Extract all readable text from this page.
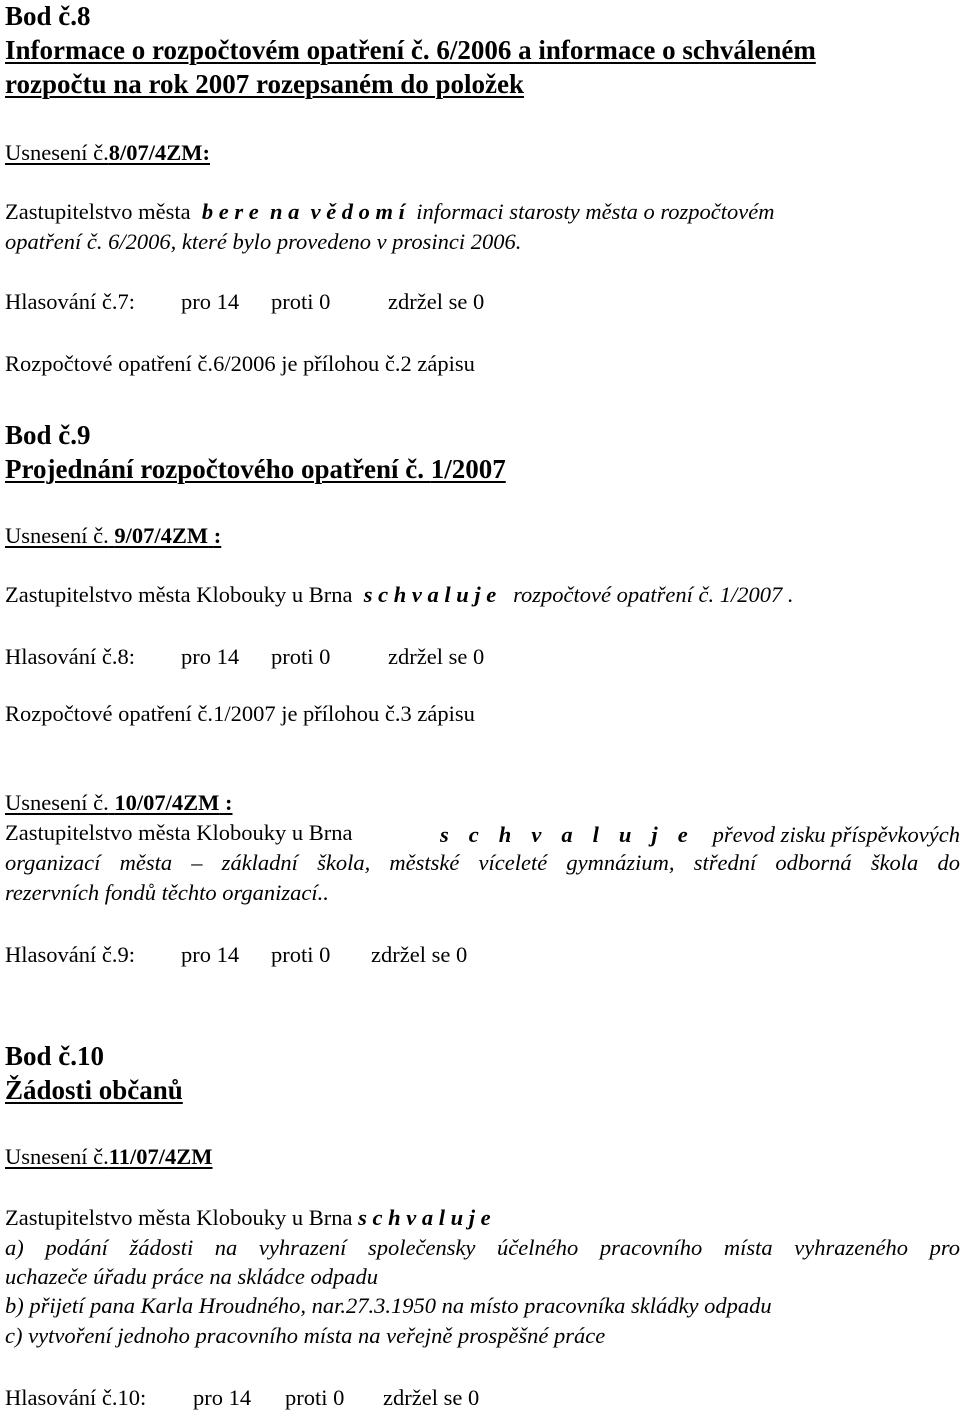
Bod č.8
Informace o rozpočtovém opatření č. 6/2006 a informace o schváleném
rozpočtu na rok 2007 rozepsaném do položek
Usnesení č.8/07/4ZM:
Zastupitelstvo města b e r e  n a  v ě d o m í informaci starosty města o rozpočtovém
opatření č. 6/2006, které bylo provedeno v prosinci 2006.
Hlasování č.7: pro 14 proti 0	zdržel se 0
Rozpočtové opatření č.6/2006 je přílohou č.2 zápisu
Bod č.9
Projednání rozpočtového opatření č. 1/2007
Usnesení č. 9/07/4ZM :
Zastupitelstvo města Klobouky u Brna s c h v a l u j e rozpočtové opatření č. 1/2007 .
Hlasování č.8: pro 14 proti 0	zdržel se 0
Rozpočtové opatření č.1/2007 je přílohou č.3 zápisu
Usnesení č. 10/07/4ZM :
Zastupitelstvo města Klobouky u Brna	s c h v a l u j e převod zisku příspěvkových
organizací města – základní škola, městské víceleté gymnázium, střední odborná škola do
rezervních fondů těchto organizací..
Hlasování č.9: pro 14 proti 0 zdržel se 0
Bod č.10
Žádosti občanů
Usnesení č.11/07/4ZM
Zastupitelstvo města Klobouky u Brna s c h v a l u j e
a) podání žádosti na vyhrazení společensky účelného pracovního místa vyhrazeného pro
uchazeče úřadu práce na skládce odpadu
b) přijetí pana Karla Hroudného, nar.27.3.1950 na místo pracovníka skládky odpadu
c) vytvoření jednoho pracovního místa na veřejně prospěšné práce
Hlasování č.10: pro 14 proti 0 zdržel se 0
